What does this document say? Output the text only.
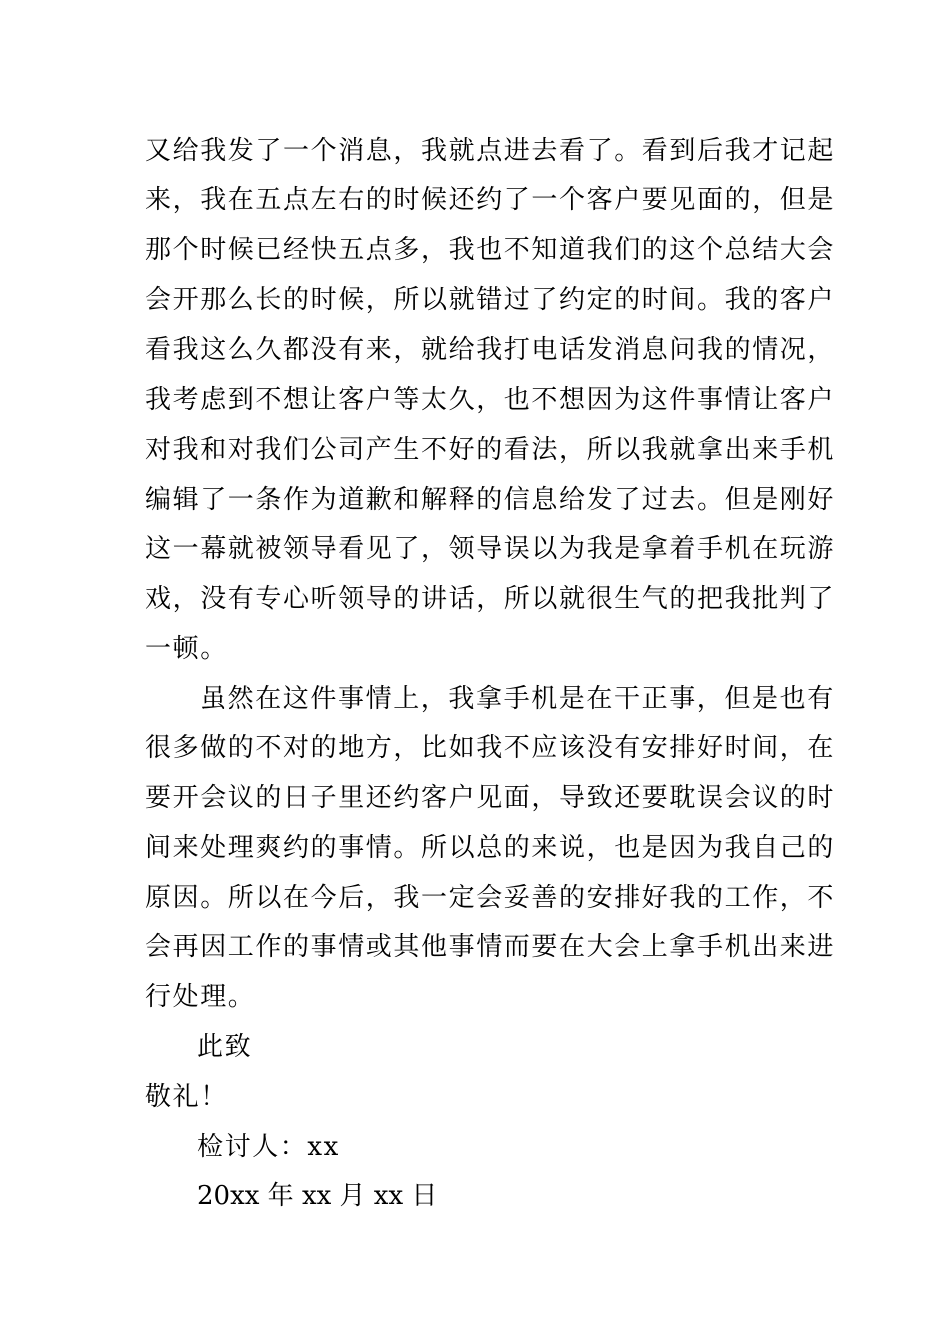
又给我发了一个消息，我就点进去看了。看到后我才记起
来，我在五点左右的时候还约了一个客户要见面的，但是
那个时候已经快五点多，我也不知道我们的这个总结大会
会开那么长的时候，所以就错过了约定的时间。我的客户
看我这么久都没有来，就给我打电话发消息问我的情况，
我考虑到不想让客户等太久，也不想因为这件事情让客户
对我和对我们公司产生不好的看法，所以我就拿出来手机
编辑了一条作为道歉和解释的信息给发了过去。但是刚好
这一幕就被领导看见了，领导误以为我是拿着手机在玩游
戏，没有专心听领导的讲话，所以就很生气的把我批判了
一顿。
虽然在这件事情上，我拿手机是在干正事，但是也有
很多做的不对的地方，比如我不应该没有安排好时间，在
要开会议的日子里还约客户见面，导致还要耽误会议的时
间来处理爽约的事情。所以总的来说，也是因为我自己的
原因。所以在今后，我一定会妥善的安排好我的工作，不
会再因工作的事情或其他事情而要在大会上拿手机出来进
行处理。
此致
敬礼！
检讨人：xx
20xx 年 xx 月 xx 日
